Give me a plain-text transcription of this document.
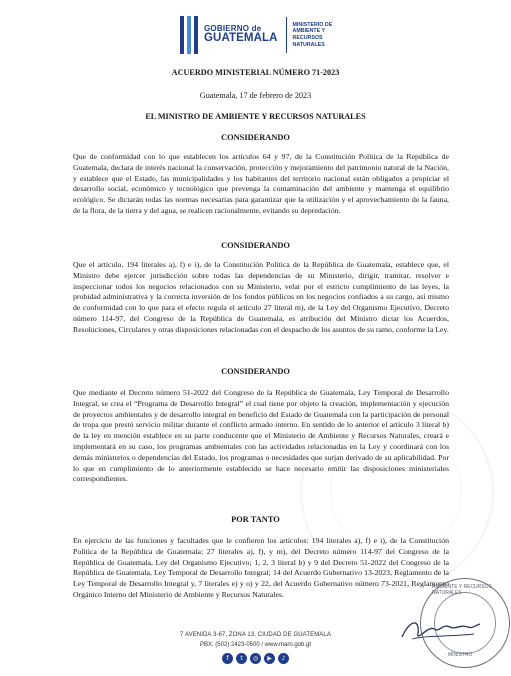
GOBIERNO de
GUATEMALA
MINISTERIO DE
AMBIENTE Y
RECURSOS
NATURALES
ACUERDO MINISTERIAL NÚMERO 71-2023
Guatemala, 17 de febrero de 2023
EL MINISTRO DE AMBIENTE Y RECURSOS NATURALES
CONSIDERANDO
Que de conformidad con lo que establecen los artículos 64 y 97, de la Constitución Política de la República de Guatemala, declara de interés nacional la conservación, protección y mejoramiento del patrimonio natural de la Nación, y establece que el Estado, las municipalidades y los habitantes del territorio nacional están obligados a propiciar el desarrollo social, económico y tecnológico que prevenga la contaminación del ambiente y mantenga el equilibrio ecológico. Se dictarán todas las normas necesarias para garantizar que la utilización y el aprovechamiento de la fauna, de la flora, de la tierra y del agua, se realicen racionalmente, evitando su depredación.
CONSIDERANDO
Que el artículo, 194 literales a), f) e i), de la Constitución Política de la República de Guatemala, establece que, el Ministro debe ejercer jurisdicción sobre todas las dependencias de su Ministerio, dirigir, tramitar, resolver e inspeccionar todos los negocios relacionados con su Ministerio, velar por el estricto cumplimiento de las leyes, la probidad administrativa y la correcta inversión de los fondos públicos en los negocios confiados a su cargo, así mismo de conformidad con lo que para el efecto regula el artículo 27 literal m), de la Ley del Organismo Ejecutivo, Decreto número 114-97, del Congreso de la República de Guatemala, es atribución del Ministro dictar los Acuerdos, Resoluciones, Circulares y otras disposiciones relacionadas con el despacho de los asuntos de su ramo, conforme la Ley.
CONSIDERANDO
Que mediante el Decreto número 51-2022 del Congreso de la República de Guatemala, Ley Temporal de Desarrollo Integral, se crea el “Programa de Desarrollo Integral” el cual tiene por objeto la creación, implementación y ejecución de proyectos ambientales y de desarrollo integral en beneficio del Estado de Guatemala con la participación de personal de tropa que prestó servicio militar durante el conflicto armado interno. En sentido de lo anterior el artículo 3 literal b) de la ley en mención establece en su parte conducente que el Ministerio de Ambiente y Recursos Naturales, creará e implementará en su caso, los programas ambientales con las actividades relacionadas en la Ley y coordinará con los demás ministerios o dependencias del Estado, los programas o necesidades que surjan derivado de su aplicabilidad. Por lo que en cumplimiento de lo anteriormente establecido se hace necesario emitir las disposiciones ministeriales correspondientes.
POR TANTO
En ejercicio de las funciones y facultades que le confieren los artículos: 194 literales a), f) e i), de la Constitución Política de la República de Guatemala; 27 literales a), f), y m), del Decreto número 114-97 del Congreso de la República de Guatemala, Ley del Organismo Ejecutivo; 1, 2, 3 literal b) y 9 del Decreto 51-2022 del Congreso de la República de Guatemala, Ley Temporal de Desarrollo Integral; 14 del Acuerdo Gubernativo 13-2023, Reglamento de la Ley Temporal de Desarrollo Integral y, 7 literales e) y o) y 22, del Acuerdo Gubernativo número 73-2021, Reglamento Orgánico Interno del Ministerio de Ambiente y Recursos Naturales.
AMBIENTE Y RECURSOS NATURALES
MINISTRO
7 AVENIDA 3-67, ZONA 13, CIUDAD DE GUATEMALA
PBX: (502) 2423-0500 / www.marn.gob.gt
f	t	◎	▶	♪
